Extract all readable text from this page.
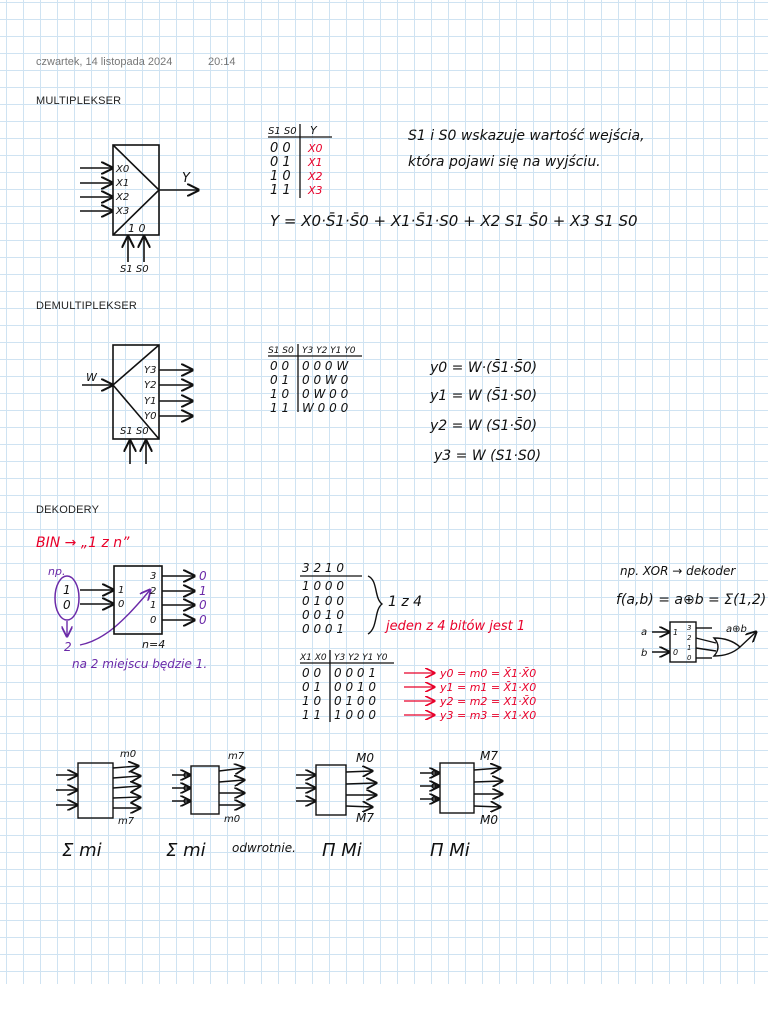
czwartek, 14 listopada 2024	20:14
MULTIPLEKSER
DEMULTIPLEKSER
DEKODERY
X0
X1
X2
X3
1 0
S1 S0
Y
S1 S0 Y
0 0 X0
0 1 X1
1 0 X2
1 1 X3
S1 i S0 wskazuje wartość wejścia,
która pojawi się na wyjściu.
Y = X0·S̄1·S̄0 + X1·S̄1·S0 + X2 S1 S̄0 + X3 S1 S0
W
Y3
Y2
Y1
Y0
S1 S0
S1 S0 Y3 Y2 Y1 Y0
0 0 0 0 0 W
0 1 0 0 W 0
1 0 0 W 0 0
1 1 W 0 0 0
y0 = W·(S̄1·S̄0)
y1 = W (S̄1·S0)
y2 = W (S1·S̄0)
y3 = W (S1·S0)
BIN → „1 z n”
np.
1
0
2
na 2 miejscu będzie 1.
1
0
3
2
1
0
0
1
0
0
n=4
3 2 1 0
1 0 0 0
0 1 0 0
0 0 1 0
0 0 0 1
1 z 4
jeden z 4 bitów jest 1
X1 X0 Y3 Y2 Y1 Y0
0 0 0 0 0 1
0 1 0 0 1 0
1 0 0 1 0 0
1 1 1 0 0 0
y0 = m0 = X̄1·X̄0
y1 = m1 = X̄1·X0
y2 = m2 = X1·X̄0
y3 = m3 = X1·X0
np. XOR → dekoder
f(a,b) = a⊕b = Σ(1,2)
a
b
1
0
3
2
1
0
a⊕b
m0
m7
m7
m0
M0
M7
M7
M0
Σ mi	Σ mi odwrotnie. Π Mi	Π Mi
